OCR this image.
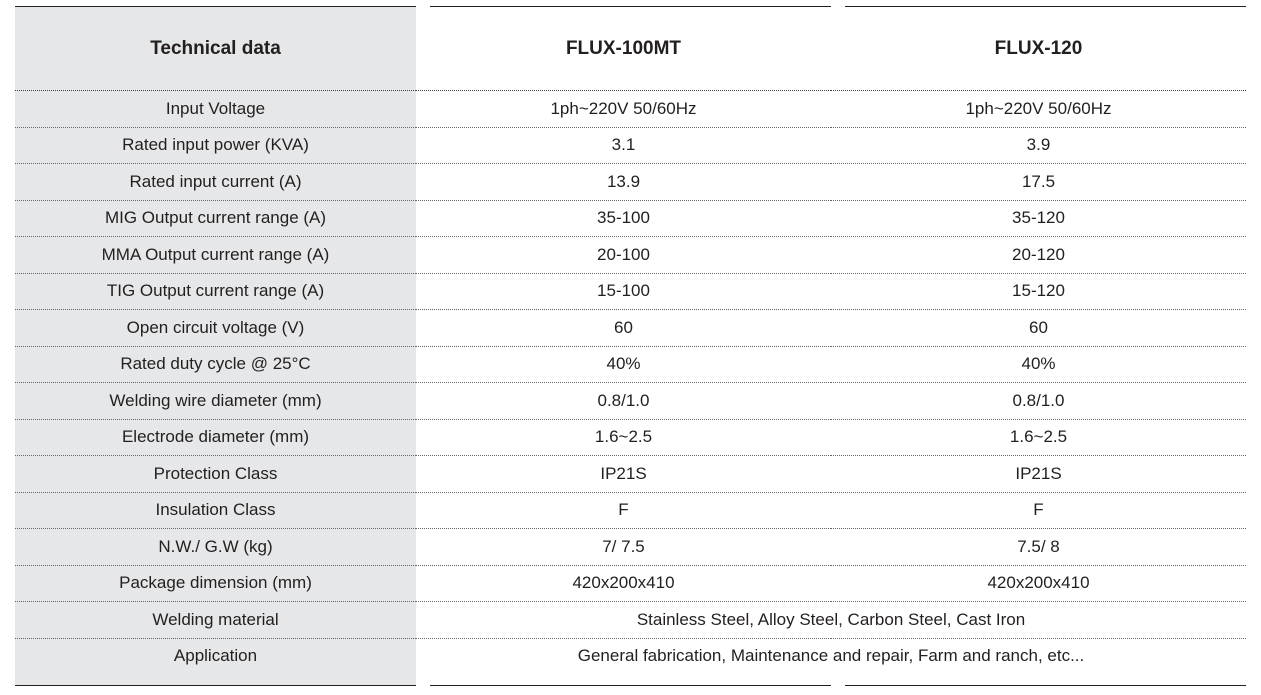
Technical data	FLUX-100MT	FLUX-120
Input Voltage	1ph~220V 50/60Hz	1ph~220V 50/60Hz
Rated input power (KVA)	3.1	3.9
Rated input current (A)	13.9	17.5
MIG Output current range (A)	35-100	35-120
MMA Output current range (A)	20-100	20-120
TIG Output current range (A)	15-100	15-120
Open circuit voltage (V)	60	60
Rated duty cycle @ 25°C	40%	40%
Welding wire diameter (mm)	0.8/1.0	0.8/1.0
Electrode diameter (mm)	1.6~2.5	1.6~2.5
Protection Class	IP21S	IP21S
Insulation Class	F	F
N.W./ G.W (kg)	7/ 7.5	7.5/ 8
Package dimension (mm)	420x200x410	420x200x410
Welding material	Stainless Steel, Alloy Steel, Carbon Steel, Cast Iron	
Application	General fabrication, Maintenance and repair, Farm and ranch, etc...	
